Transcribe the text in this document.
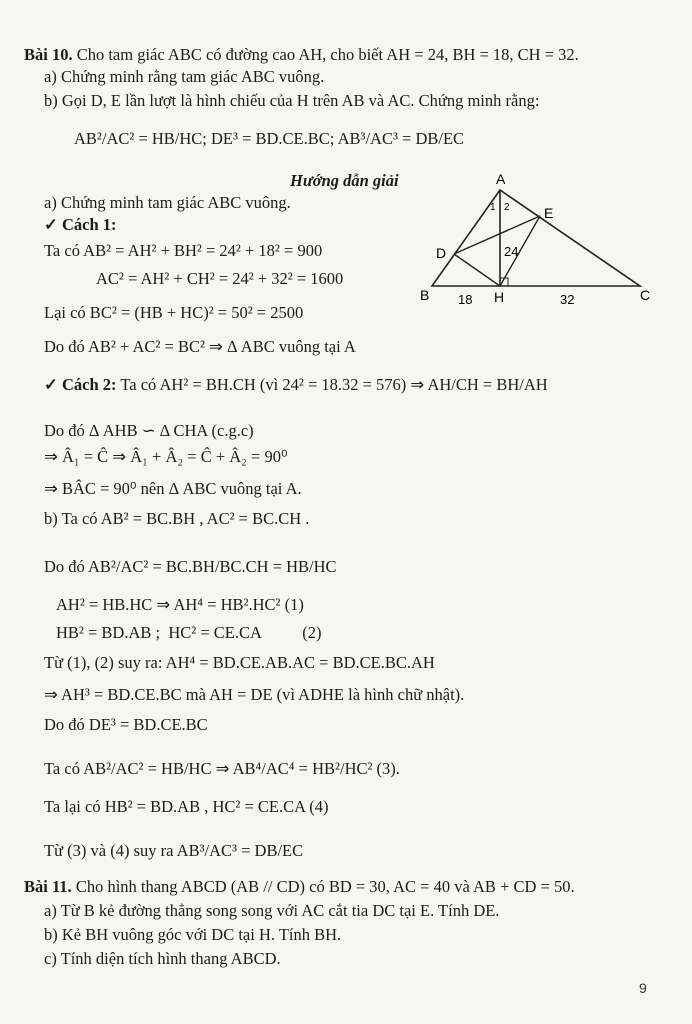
Bài 10. Cho tam giác ABC có đường cao AH, cho biết AH = 24, BH = 18, CH = 32.
a) Chứng minh rằng tam giác ABC vuông.
b) Gọi D, E lần lượt là hình chiếu của H trên AB và AC. Chứng minh rằng:
AB²/AC² = HB/HC; DE³ = BD.CE.BC; AB³/AC³ = DB/EC
Hướng dẫn giải
a) Chứng minh tam giác ABC vuông.
✓ Cách 1:
Ta có AB² = AH² + BH² = 24² + 18² = 900
AC² = AH² + CH² = 24² + 32² = 1600
Lại có BC² = (HB + HC)² = 50² = 2500
Do đó AB² + AC² = BC² ⇒ Δ ABC vuông tại A
✓ Cách 2: Ta có AH² = BH.CH (vì 24² = 18.32 = 576) ⇒ AH/CH = BH/AH
Do đó Δ AHB ∽ Δ CHA (c.g.c)
⇒ Â₁ = Ĉ ⇒ Â₁ + Â₂ = Ĉ + Â₂ = 90⁰
⇒ BÂC = 90⁰ nên Δ ABC vuông tại A.
b) Ta có AB² = BC.BH , AC² = BC.CH .
Do đó AB²/AC² = BC.BH/BC.CH = HB/HC
AH² = HB.HC ⇒ AH⁴ = HB².HC² (1)
HB² = BD.AB ;  HC² = CE.CA          (2)
Từ (1), (2) suy ra: AH⁴ = BD.CE.AB.AC = BD.CE.BC.AH
⇒ AH³ = BD.CE.BC mà AH = DE (vì ADHE là hình chữ nhật).
Do đó DE³ = BD.CE.BC
Ta có AB²/AC² = HB/HC ⇒ AB⁴/AC⁴ = HB²/HC² (3).
Ta lại có HB² = BD.AB , HC² = CE.CA (4)
Từ (3) và (4) suy ra AB³/AC³ = DB/EC
Bài 11. Cho hình thang ABCD (AB // CD) có BD = 30, AC = 40 và AB + CD = 50.
a) Từ B kẻ đường thẳng song song với AC cắt tia DC tại E. Tính DE.
b) Kẻ BH vuông góc với DC tại H. Tính BH.
c) Tính diện tích hình thang ABCD.
A
B	C
D
E
H
1 2
24
18	32
9
